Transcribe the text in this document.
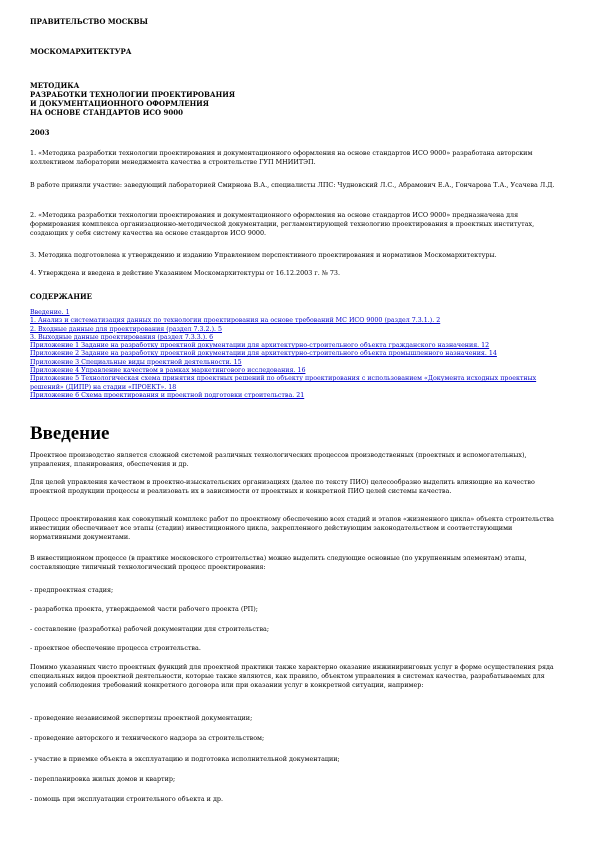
ПРАВИТЕЛЬСТВО МОСКВЫ
МОСКОМАРХИТЕКТУРА
МЕТОДИКА
РАЗРАБОТКИ ТЕХНОЛОГИИ ПРОЕКТИРОВАНИЯ
И ДОКУМЕНТАЦИОННОГО ОФОРМЛЕНИЯ
НА ОСНОВЕ СТАНДАРТОВ ИСО 9000
2003

1. «Методика разработки технологии проектирования и документационного оформления на основе стандартов ИСО 9000» разработана авторским коллективом лаборатории менеджмента качества в строительстве ГУП МНИИТЭП.

В работе приняли участие: заведующий лабораторией Смирнова В.А., специалисты ЛПС: Чудновский Л.С., Абрамович Е.А., Гончарова Т.А., Усачева Л.Д.

2. «Методика разработки технологии проектирования и документационного оформления на основе стандартов ИСО 9000» предназначена для формирования комплекса организационно-методической документации, регламентирующей технологию проектирования в проектных институтах, создающих у себя систему качества на основе стандартов ИСО 9000.

3. Методика подготовлена к утверждению и изданию Управлением перспективного проектирования и нормативов Москомархитектуры.

4. Утверждена и введена в действие Указанием Москомархитектуры от 16.12.2003 г. № 73.

СОДЕРЖАНИЕ
Введение. 1
1. Анализ и систематизация данных по технологии проектирования на основе требований МС ИСО 9000 (раздел 7.3.1.). 2
2. Входные данные для проектирования (раздел 7.3.2.). 5
3. Выходные данные проектирования (раздел 7.3.3.). 6
Приложение 1 Задание на разработку проектной документации для архитектурно-строительного объекта гражданского назначения. 12
Приложение 2 Задание на разработку проектной документации для архитектурно-строительного объекта промышленного назначения. 14
Приложение 3 Специальные виды проектной деятельности. 15
Приложение 4 Управление качеством в рамках маркетингового исследования. 16
Приложение 5 Технологическая схема принятия проектных решений по объекту проектирования с использованием «Документа исходных проектных решений» (ДИПР) на стадии «ПРОЕКТ». 18
Приложение 6 Схема проектирования и проектной подготовки строительства. 21
Введение

Проектное производство является сложной системой различных технологических процессов производственных (проектных и вспомогательных), управления, планирования, обеспечения и др.

Для целей управления качеством в проектно-изыскательских организациях (далее по тексту ПИО) целесообразно выделить влияющие на качество проектной продукции процессы и реализовать их в зависимости от проектных и конкретной ПИО целей системы качества.

Процесс проектирования как совокупный комплекс работ по проектному обеспечению всех стадий и этапов «жизненного цикла» объекта строительства инвестиции обеспечивает все этапы (стадии) инвестиционного цикла, закрепленного действующим законодательством и соответствующими нормативными документами.

В инвестиционном процессе (в практике московского строительства) можно выделить следующие основные (по укрупненным элементам) этапы, составляющие типичный технологический процесс проектирования:

- предпроектная стадия;

- разработка проекта, утверждаемой части рабочего проекта (РП);

- составление (разработка) рабочей документации для строительства;

- проектное обеспечение процесса строительства.

Помимо указанных чисто проектных функций для проектной практики также характерно оказание инжиниринговых услуг в форме осуществления ряда специальных видов проектной деятельности, которые также являются, как правило, объектом управления в системах качества, разрабатываемых для условий соблюдения требований конкретного договора или при оказании услуг в конкретной ситуации, например:

- проведение независимой экспертизы проектной документации;

- проведение авторского и технического надзора за строительством;

- участие в приемке объекта в эксплуатацию и подготовка исполнительной документации;

- перепланировка жилых домов и квартир;

- помощь при эксплуатации строительного объекта и др.
